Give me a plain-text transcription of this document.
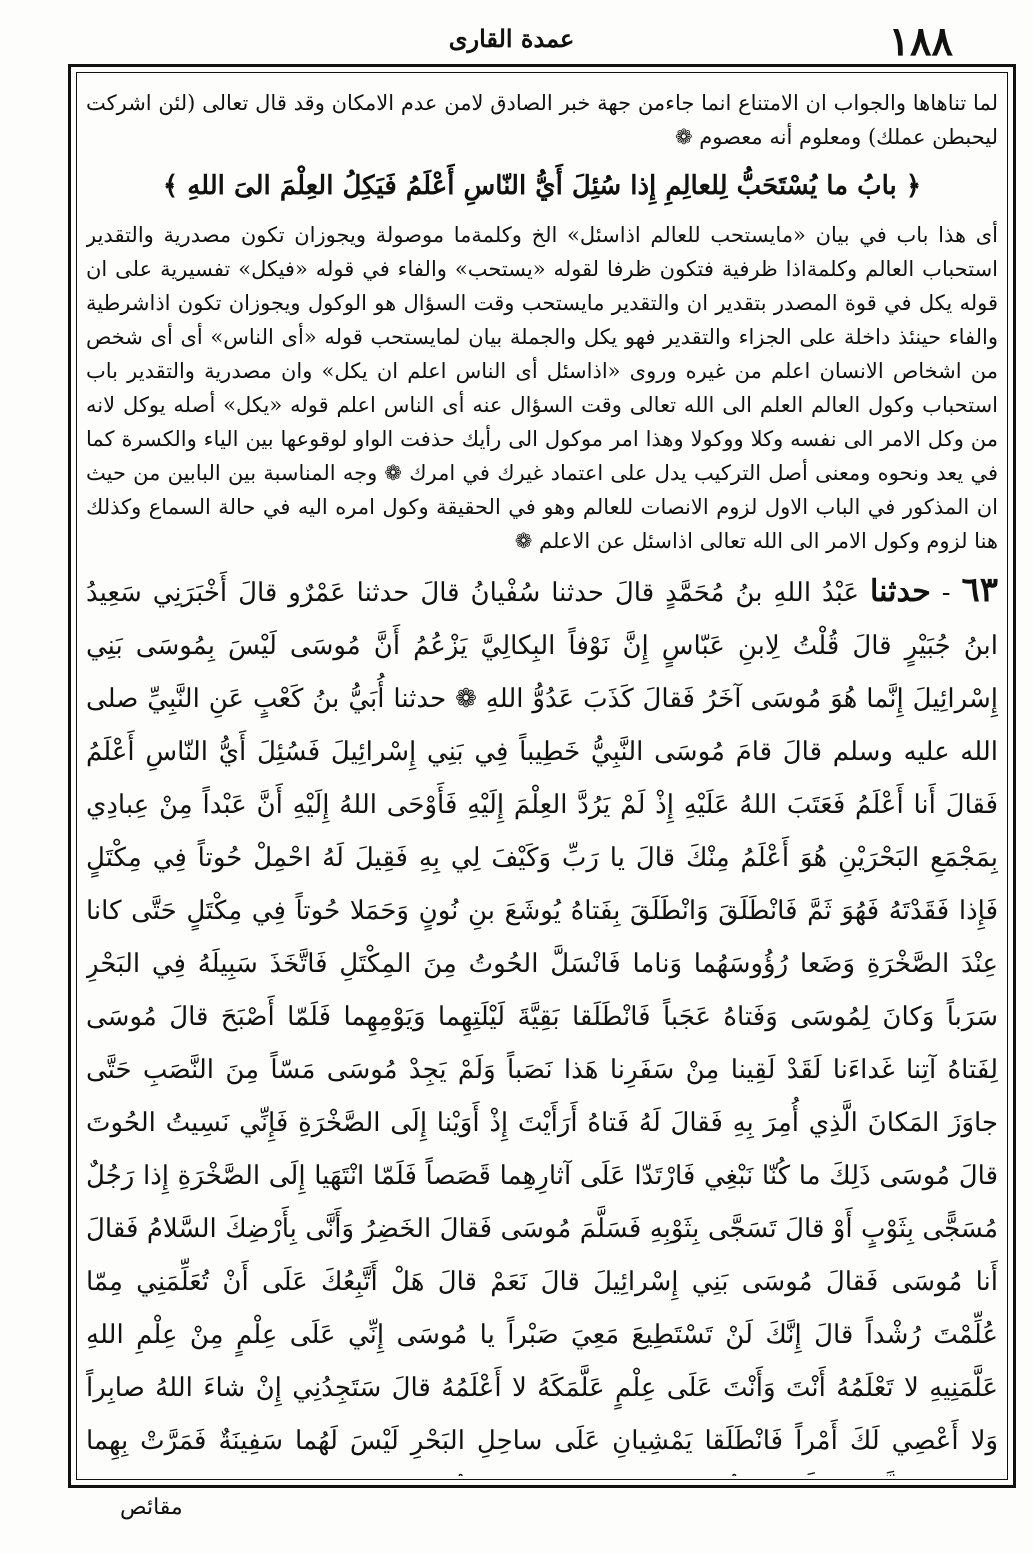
١٨٨
عمدة القاری

لما تناهاها والجواب ان الامتناع انما جاءمن جهة خبر الصادق لامن عدم الامكان وقد قال تعالى (لئن اشركت ليحبطن عملك) ومعلوم أنه معصوم ❁

﴿ بابُ ما يُسْتَحَبُّ لِلعالِمِ إِذا سُئِلَ أَيُّ النّاسِ أَعْلَمُ فَيَكِلُ العِلْمَ الىَ اللهِ ﴾

أى هذا باب في بيان «مايستحب للعالم اذاسئل» الخ وكلمةما موصولة ويجوزان تكون مصدرية والتقدير استحباب العالم وكلمةاذا ظرفية فتكون ظرفا لقوله «يستحب» والفاء في قوله «فيكل» تفسيرية على ان قوله يكل في قوة المصدر بتقدير ان والتقدير مايستحب وقت السؤال هو الوكول ويجوزان تكون اذاشرطية والفاء حينئذ داخلة على الجزاء والتقدير فهو يكل والجملة بيان لمايستحب قوله «أى الناس» أى أى شخص من اشخاص الانسان اعلم من غيره وروى «اذاسئل أى الناس اعلم ان يكل» وان مصدرية والتقدير باب استحباب وكول العالم العلم الى الله تعالى وقت السؤال عنه أى الناس اعلم قوله «يكل» أصله يوكل لانه من وكل الامر الى نفسه وكلا ووكولا وهذا امر موكول الى رأيك حذفت الواو لوقوعها بين الياء والكسرة كما في يعد ونحوه ومعنى أصل التركيب يدل على اعتماد غيرك في امرك ❁ وجه المناسبة بين البابين من حيث ان المذكور في الباب الاول لزوم الانصات للعالم وهو في الحقيقة وكول امره اليه في حالة السماع وكذلك هنا لزوم وكول الامر الى الله تعالى اذاسئل عن الاعلم ❁

٦٣ - حدثنا عَبْدُ اللهِ بنُ مُحَمَّدٍ قالَ حدثنا سُفْيانُ قالَ حدثنا عَمْرٌو قالَ أَخْبَرَنِي سَعِيدُ ابنُ جُبَيْرٍ قالَ قُلْتُ لِابنِ عَبّاسٍ إِنَّ نَوْفاً البِكالِيَّ يَزْعُمُ أَنَّ مُوسَى لَيْسَ بِمُوسَى بَنِي إِسْرائِيلَ إِنَّما هُوَ مُوسَى آخَرُ فَقالَ كَذَبَ عَدُوُّ اللهِ ❁ حدثنا أُبَيُّ بنُ كَعْبٍ عَنِ النَّبِيِّ صلى الله عليه وسلم قالَ قامَ مُوسَى النَّبِيُّ خَطِيباً فِي بَنِي إِسْرائِيلَ فَسُئِلَ أَيُّ النّاسِ أَعْلَمُ فَقالَ أَنا أَعْلَمُ فَعَتَبَ اللهُ عَلَيْهِ إِذْ لَمْ يَرُدَّ العِلْمَ إِلَيْهِ فَأَوْحَى اللهُ إِلَيْهِ أَنَّ عَبْداً مِنْ عِبادِي بِمَجْمَعِ البَحْرَيْنِ هُوَ أَعْلَمُ مِنْكَ قالَ يا رَبِّ وَكَيْفَ لِي بِهِ فَقِيلَ لَهُ احْمِلْ حُوتاً فِي مِكْتَلٍ فَإِذا فَقَدْتَهُ فَهُوَ ثَمَّ فَانْطَلَقَ وَانْطَلَقَ بِفَتاهُ يُوشَعَ بنِ نُونٍ وَحَمَلا حُوتاً فِي مِكْتَلٍ حَتَّى كانا عِنْدَ الصَّخْرَةِ وَضَعا رُؤُوسَهُما وَناما فَانْسَلَّ الحُوتُ مِنَ المِكْتَلِ فَاتَّخَذَ سَبِيلَهُ فِي البَحْرِ سَرَباً وَكانَ لِمُوسَى وَفَتاهُ عَجَباً فَانْطَلَقا بَقِيَّةَ لَيْلَتِهِما وَيَوْمِهِما فَلَمّا أَصْبَحَ قالَ مُوسَى لِفَتاهُ آتِنا غَداءَنا لَقَدْ لَقِينا مِنْ سَفَرِنا هَذا نَصَباً وَلَمْ يَجِدْ مُوسَى مَسّاً مِنَ النَّصَبِ حَتَّى جاوَزَ المَكانَ الَّذِي أُمِرَ بِهِ فَقالَ لَهُ فَتاهُ أَرَأَيْتَ إِذْ أَوَيْنا إِلَى الصَّخْرَةِ فَإِنِّي نَسِيتُ الحُوتَ قالَ مُوسَى ذَلِكَ ما كُنّا نَبْغِي فَارْتَدّا عَلَى آثارِهِما قَصَصاً فَلَمّا انْتَهَيا إِلَى الصَّخْرَةِ إِذا رَجُلٌ مُسَجًّى بِثَوْبٍ أَوْ قالَ تَسَجَّى بِثَوْبِهِ فَسَلَّمَ مُوسَى فَقالَ الخَضِرُ وَأَنَّى بِأَرْضِكَ السَّلامُ فَقالَ أَنا مُوسَى فَقالَ مُوسَى بَنِي إِسْرائِيلَ قالَ نَعَمْ قالَ هَلْ أَتَّبِعُكَ عَلَى أَنْ تُعَلِّمَنِي مِمّا عُلِّمْتَ رُشْداً قالَ إِنَّكَ لَنْ تَسْتَطِيعَ مَعِيَ صَبْراً يا مُوسَى إِنِّي عَلَى عِلْمٍ مِنْ عِلْمِ اللهِ عَلَّمَنِيهِ لا تَعْلَمُهُ أَنْتَ وَأَنْتَ عَلَى عِلْمٍ عَلَّمَكَهُ لا أَعْلَمُهُ قالَ سَتَجِدُنِي إِنْ شاءَ اللهُ صابِراً وَلا أَعْصِي لَكَ أَمْراً فَانْطَلَقا يَمْشِيانِ عَلَى ساحِلِ البَحْرِ لَيْسَ لَهُما سَفِينَةٌ فَمَرَّتْ بِهِما

مقائص
